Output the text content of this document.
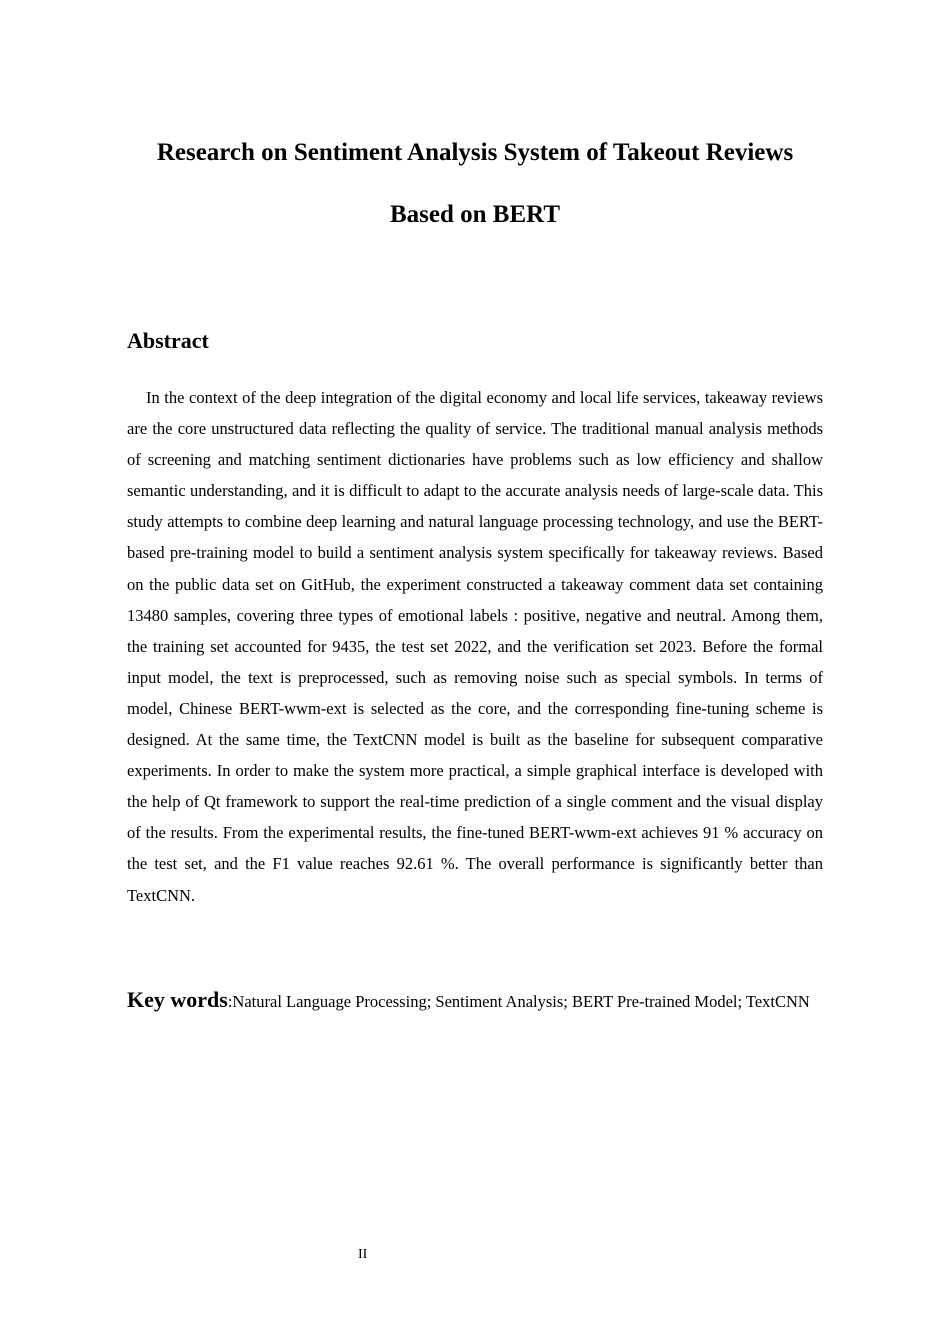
Research on Sentiment Analysis System of Takeout Reviews
Based on BERT
Abstract

In the context of the deep integration of the digital economy and local life services, takeaway reviews are the core unstructured data reflecting the quality of service. The traditional manual analysis methods of screening and matching sentiment dictionaries have problems such as low efficiency and shallow semantic understanding, and it is difficult to adapt to the accurate analysis needs of large-scale data. This study attempts to combine deep learning and natural language processing technology, and use the BERT-based pre-training model to build a sentiment analysis system specifically for takeaway reviews. Based on the public data set on GitHub, the experiment constructed a takeaway comment data set containing 13480 samples, covering three types of emotional labels : positive, negative and neutral. Among them, the training set accounted for 9435, the test set 2022, and the verification set 2023. Before the formal input model, the text is preprocessed, such as removing noise such as special symbols. In terms of model, Chinese BERT-wwm-ext is selected as the core, and the corresponding fine-tuning scheme is designed. At the same time, the TextCNN model is built as the baseline for subsequent comparative experiments. In order to make the system more practical, a simple graphical interface is developed with the help of Qt framework to support the real-time prediction of a single comment and the visual display of the results. From the experimental results, the fine-tuned BERT-wwm-ext achieves 91 % accuracy on the test set, and the F1 value reaches 92.61 %. The overall performance is significantly better than TextCNN.

Key words:Natural Language Processing; Sentiment Analysis; BERT Pre-trained Model; TextCNN
II
